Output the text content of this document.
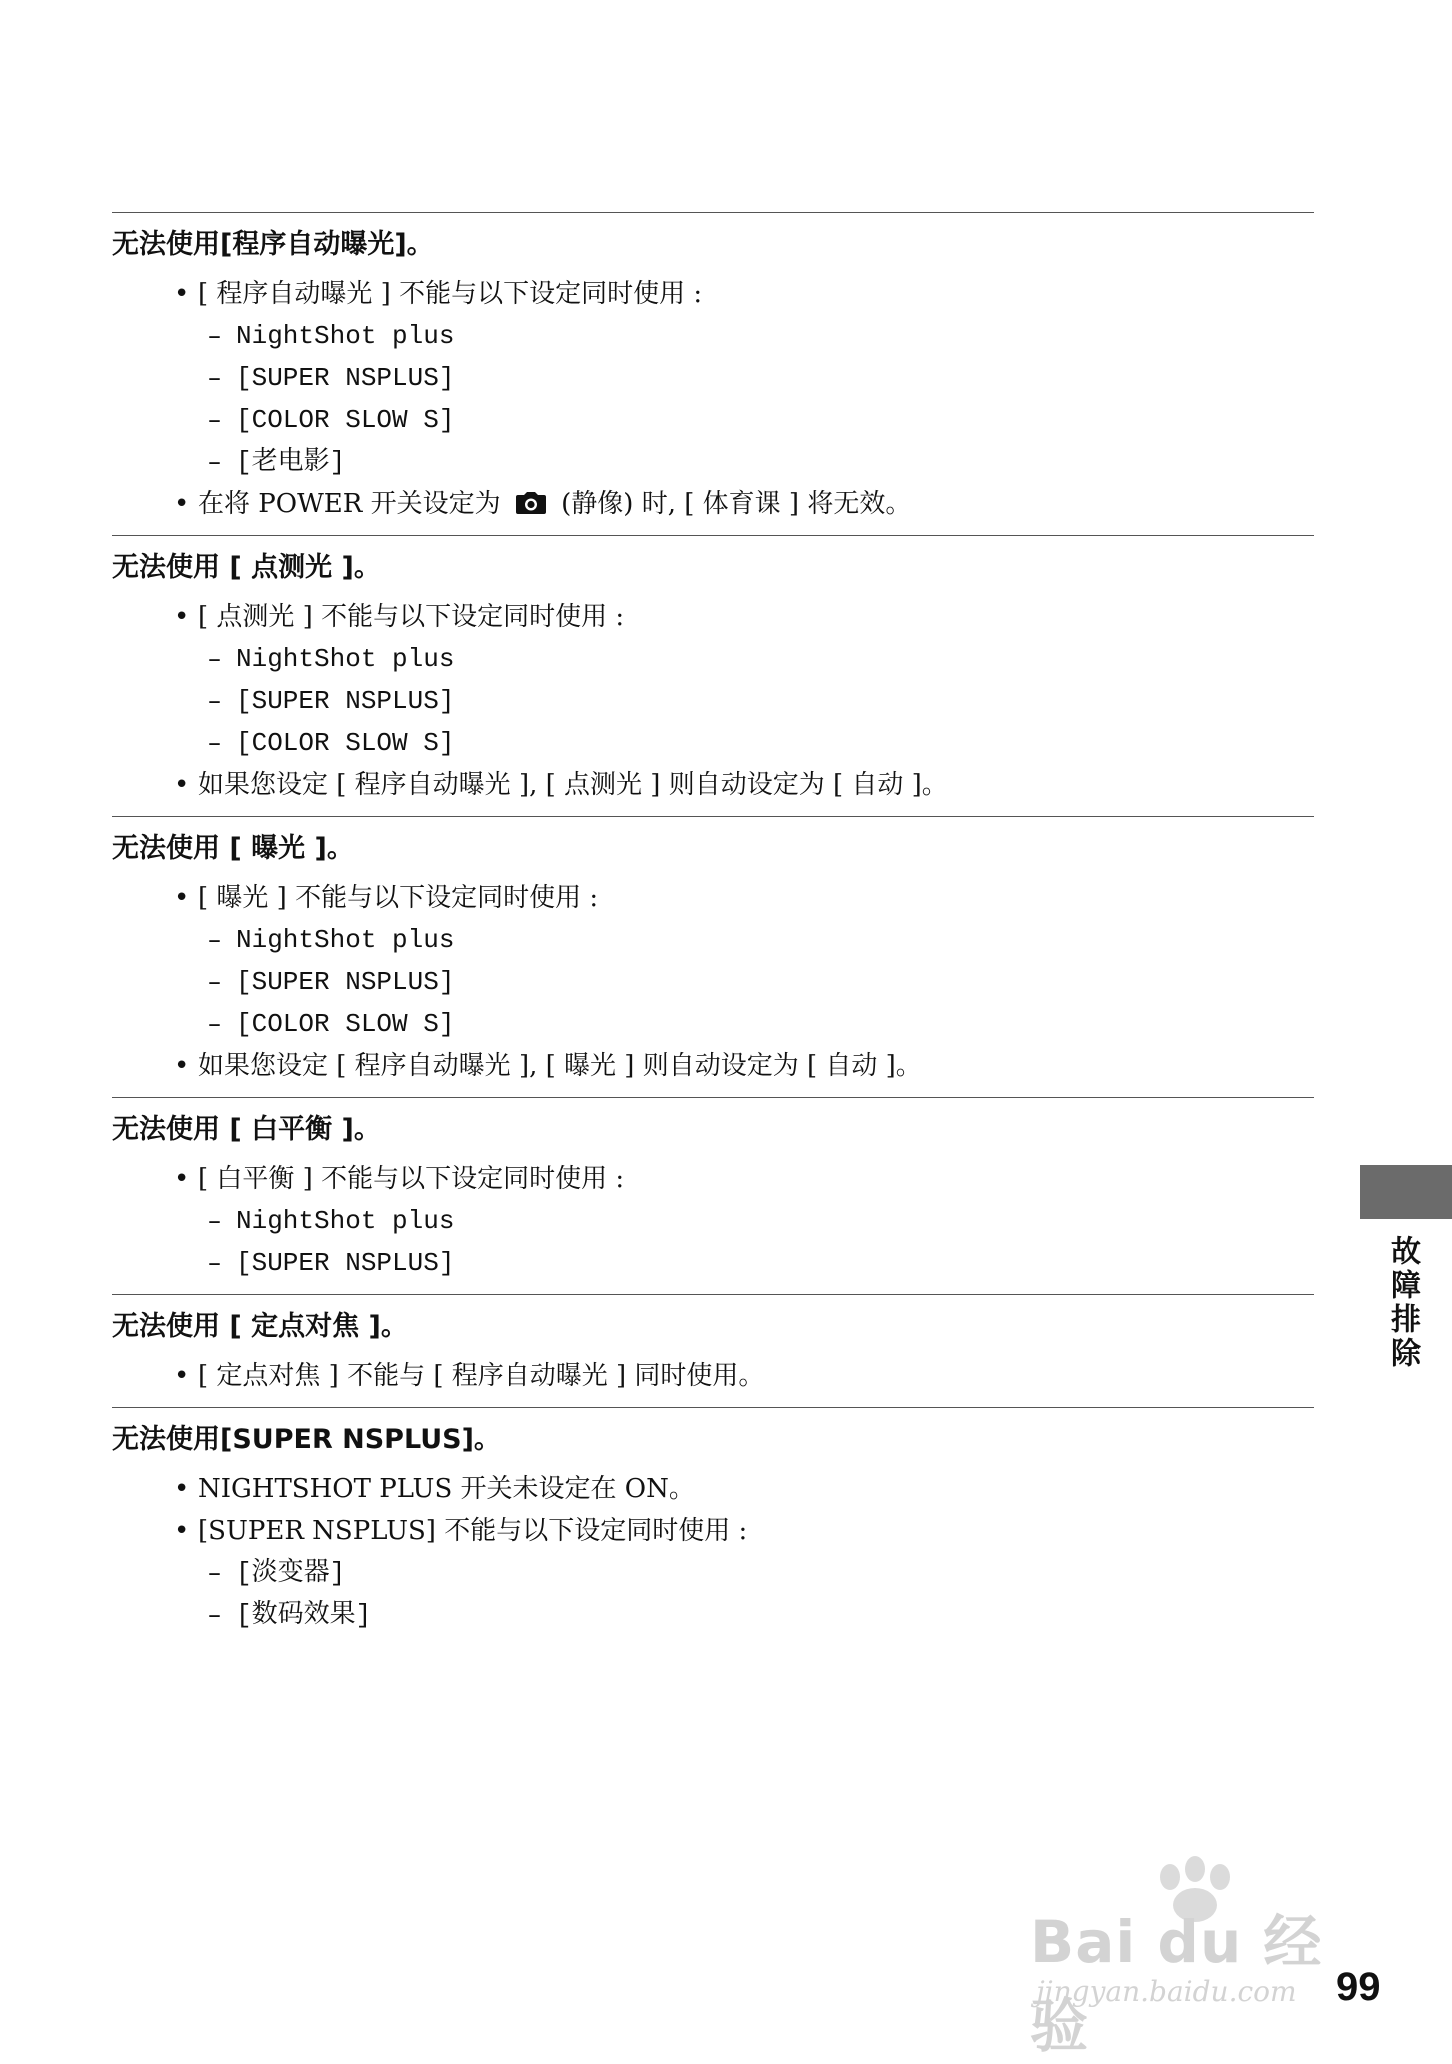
无法使用[程序自动曝光]。
• [ 程序自动曝光 ] 不能与以下设定同时使用 :
– NightShot plus
– [SUPER NSPLUS]
– [COLOR SLOW S]
– [老电影]
• 在将 POWER 开关设定为 (静像) 时, [ 体育课 ] 将无效。
无法使用 [ 点测光 ]。
• [ 点测光 ] 不能与以下设定同时使用 :
– NightShot plus
– [SUPER NSPLUS]
– [COLOR SLOW S]
• 如果您设定 [ 程序自动曝光 ], [ 点测光 ] 则自动设定为 [ 自动 ]。
无法使用 [ 曝光 ]。
• [ 曝光 ] 不能与以下设定同时使用 :
– NightShot plus
– [SUPER NSPLUS]
– [COLOR SLOW S]
• 如果您设定 [ 程序自动曝光 ], [ 曝光 ] 则自动设定为 [ 自动 ]。
无法使用 [ 白平衡 ]。
• [ 白平衡 ] 不能与以下设定同时使用 :
– NightShot plus
– [SUPER NSPLUS]
无法使用 [ 定点对焦 ]。
• [ 定点对焦 ] 不能与 [ 程序自动曝光 ] 同时使用。
无法使用[SUPER NSPLUS]。
• NIGHTSHOT PLUS 开关未设定在 ON。
• [SUPER NSPLUS] 不能与以下设定同时使用 :
– [淡变器]
– [数码效果]
故障排除
Bai du 经验
jingyan.baidu.com 99
